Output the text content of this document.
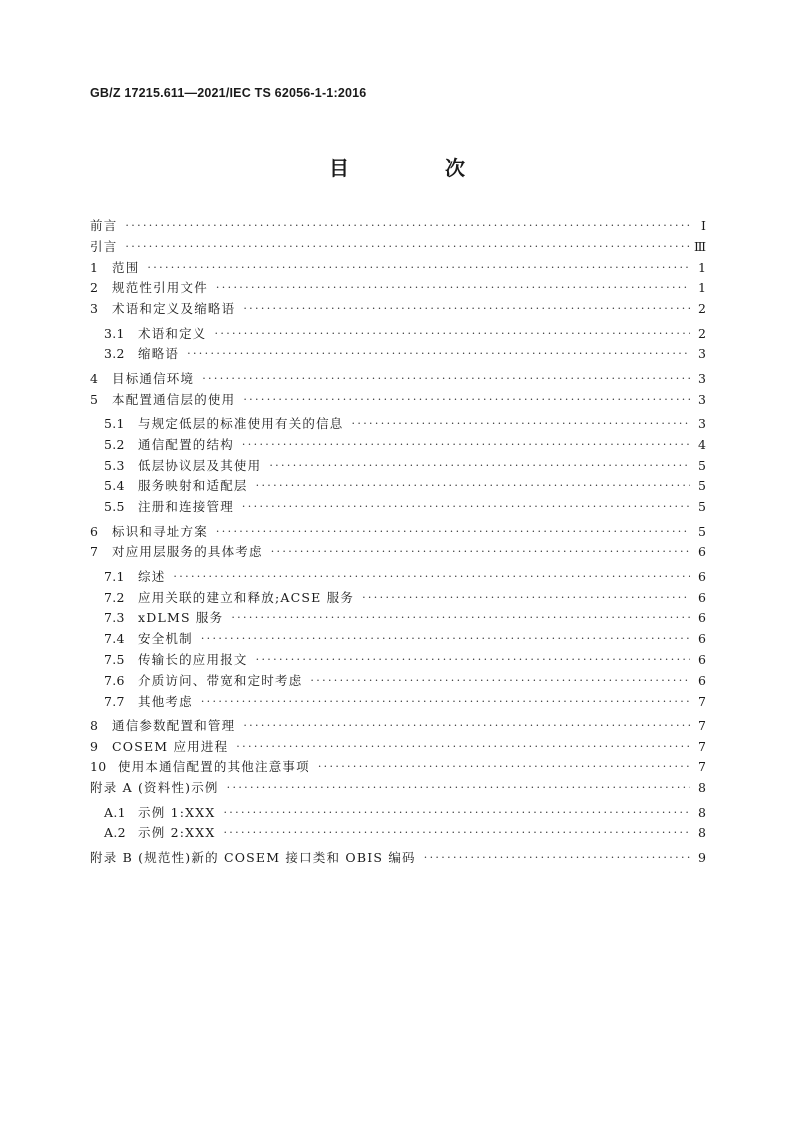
GB/Z 17215.611—2021/IEC TS 62056-1-1:2016
目　次
前言 ·····	Ⅰ
引言 ·····	Ⅲ
1	范围 ·····	1
2	规范性引用文件 ·····	1
3	术语和定义及缩略语 ·····	2
3.1	术语和定义 ·····	2
3.2	缩略语 ·····	3
4	目标通信环境 ·····	3
5	本配置通信层的使用 ·····	3
5.1	与规定低层的标准使用有关的信息 ·····	3
5.2	通信配置的结构 ·····	4
5.3	低层协议层及其使用 ·····	5
5.4	服务映射和适配层 ·····	5
5.5	注册和连接管理 ·····	5
6	标识和寻址方案 ·····	5
7	对应用层服务的具体考虑 ·····	6
7.1	综述 ·····	6
7.2	应用关联的建立和释放;ACSE 服务 ·····	6
7.3	xDLMS 服务 ·····	6
7.4	安全机制 ·····	6
7.5	传输长的应用报文 ·····	6
7.6	介质访问、带宽和定时考虑 ·····	6
7.7	其他考虑 ·····	7
8	通信参数配置和管理 ·····	7
9	COSEM 应用进程 ·····	7
10 使用本通信配置的其他注意事项 ·····	7
附录 A (资料性)示例 ·····	8
A.1 示例 1:XXX ·····	8
A.2 示例 2:XXX ·····	8
附录 B (规范性)新的 COSEM 接口类和 OBIS 编码 ·····	9
